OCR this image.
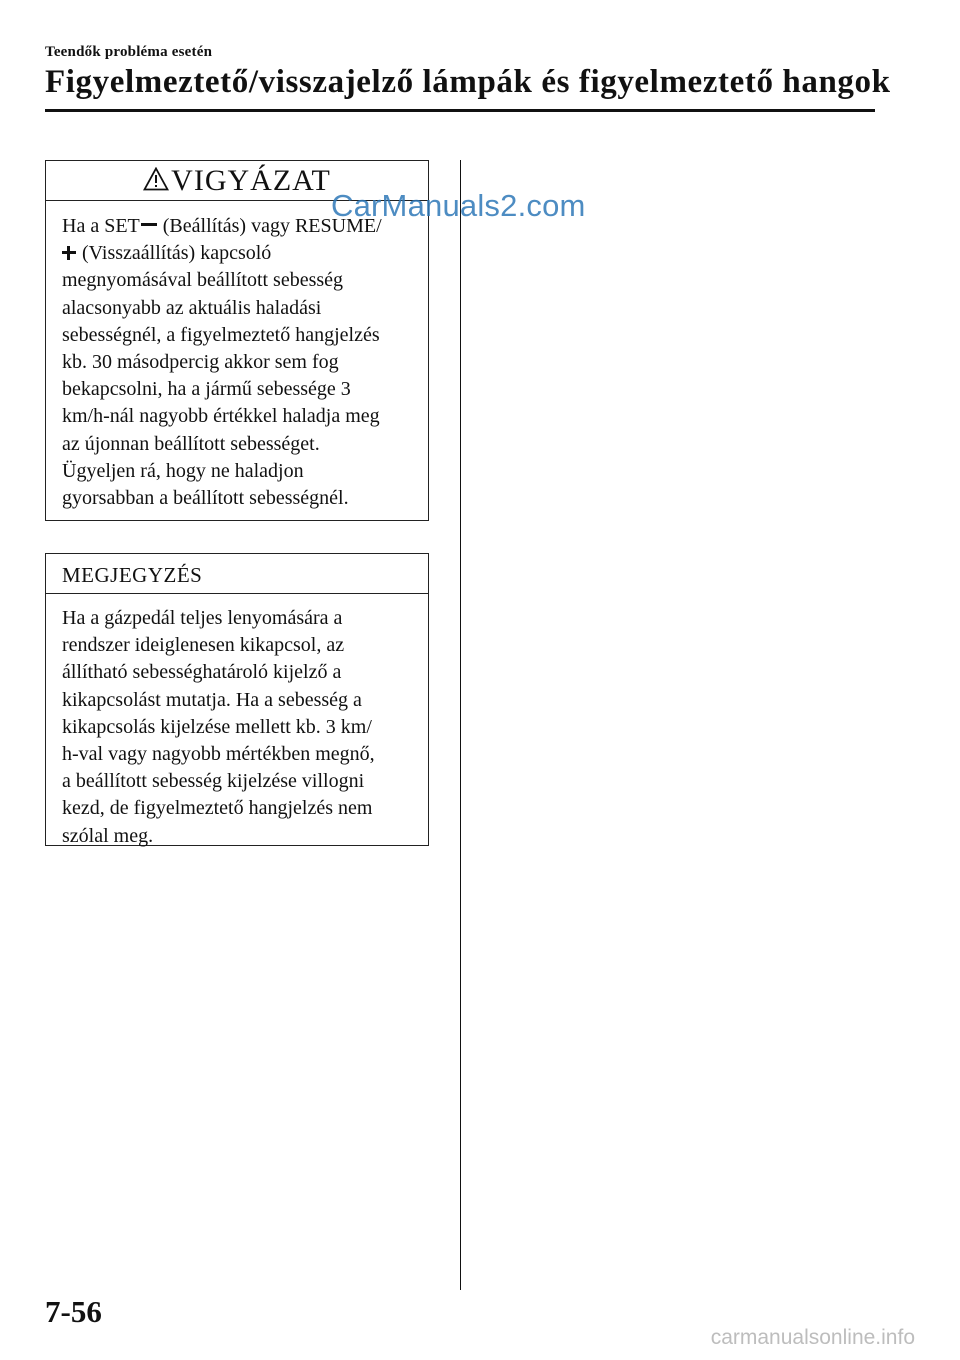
Teendők probléma esetén
Figyelmeztető/visszajelző lámpák és figyelmeztető hangok
VIGYÁZAT
Ha a SET (Beállítás) vagy RESUME/
(Visszaállítás) kapcsoló
megnyomásával beállított sebesség
alacsonyabb az aktuális haladási
sebességnél, a figyelmeztető hangjelzés
kb. 30 másodpercig akkor sem fog
bekapcsolni, ha a jármű sebessége 3
km/h-nál nagyobb értékkel haladja meg
az újonnan beállított sebességet.
Ügyeljen rá, hogy ne haladjon
gyorsabban a beállított sebességnél.
CarManuals2.com
MEGJEGYZÉS
Ha a gázpedál teljes lenyomására a
rendszer ideiglenesen kikapcsol, az
állítható sebességhatároló kijelző a
kikapcsolást mutatja. Ha a sebesség a
kikapcsolás kijelzése mellett kb. 3 km/
h-val vagy nagyobb mértékben megnő,
a beállított sebesség kijelzése villogni
kezd, de figyelmeztető hangjelzés nem
szólal meg.
7-56
carmanualsonline.info
